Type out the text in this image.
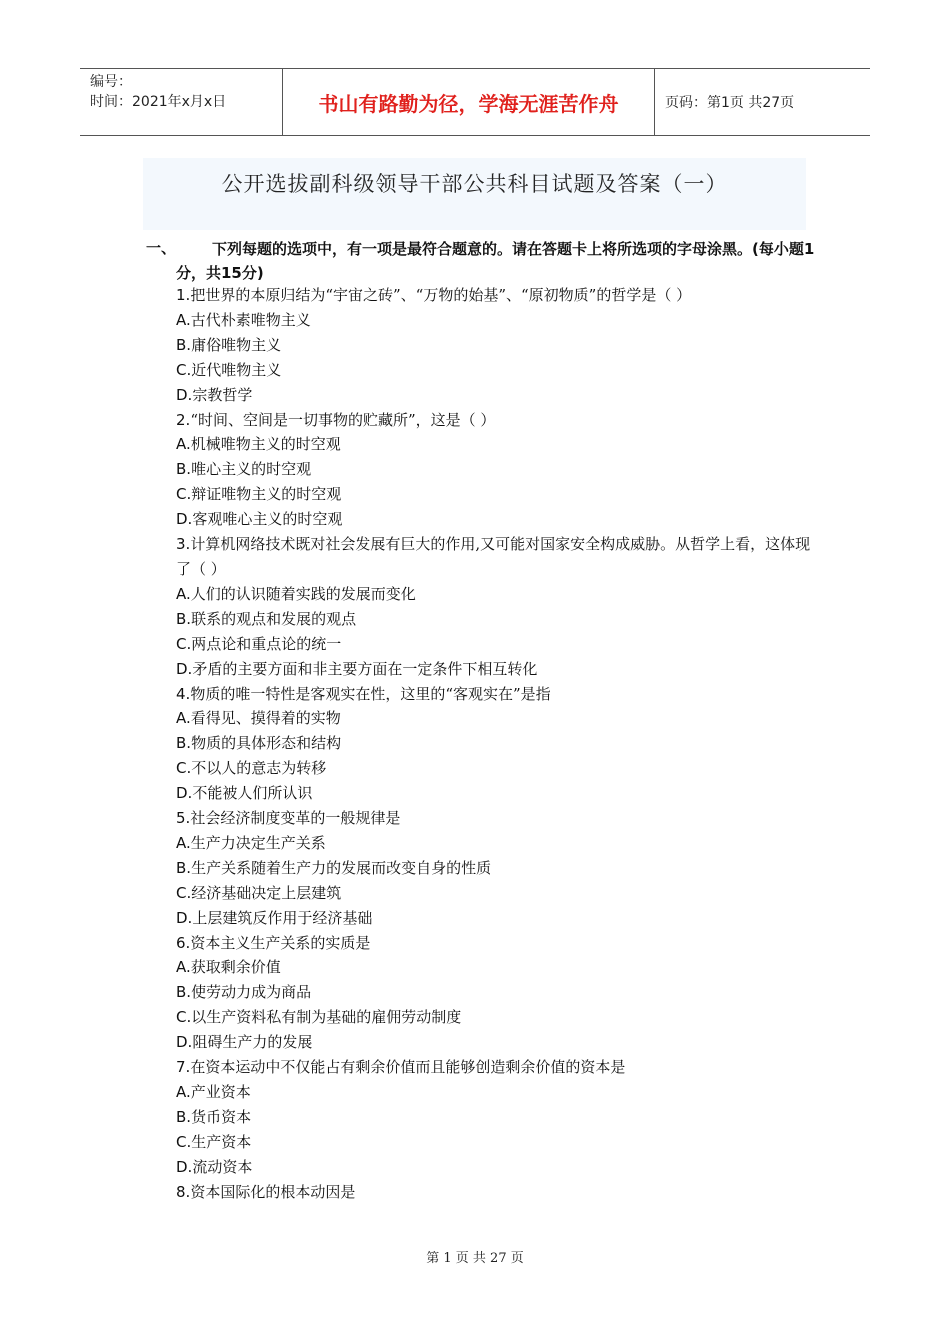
编号：
时间：2021年x月x日	书山有路勤为径，学海无涯苦作舟	页码：第1页 共27页
公开选拔副科级领导干部公共科目试题及答案（一）
一、	下列每题的选项中，有一项是最符合题意的。请在答题卡上将所选项的字母涂黑。(每小题1分，共15分)
1.把世界的本原归结为“宇宙之砖”、“万物的始基”、“原初物质”的哲学是（ ）
A.古代朴素唯物主义
B.庸俗唯物主义
C.近代唯物主义
D.宗教哲学
2.“时间、空间是一切事物的贮藏所”，这是（ ）
A.机械唯物主义的时空观
B.唯心主义的时空观
C.辩证唯物主义的时空观
D.客观唯心主义的时空观
3.计算机网络技术既对社会发展有巨大的作用,又可能对国家安全构成威胁。从哲学上看，这体现了（ ）
A.人们的认识随着实践的发展而变化
B.联系的观点和发展的观点
C.两点论和重点论的统一
D.矛盾的主要方面和非主要方面在一定条件下相互转化
4.物质的唯一特性是客观实在性，这里的“客观实在”是指
A.看得见、摸得着的实物
B.物质的具体形态和结构
C.不以人的意志为转移
D.不能被人们所认识
5.社会经济制度变革的一般规律是
A.生产力决定生产关系
B.生产关系随着生产力的发展而改变自身的性质
C.经济基础决定上层建筑
D.上层建筑反作用于经济基础
6.资本主义生产关系的实质是
A.获取剩余价值
B.使劳动力成为商品
C.以生产资料私有制为基础的雇佣劳动制度
D.阻碍生产力的发展
7.在资本运动中不仅能占有剩余价值而且能够创造剩余价值的资本是
A.产业资本
B.货币资本
C.生产资本
D.流动资本
8.资本国际化的根本动因是
第 1 页 共 27 页
